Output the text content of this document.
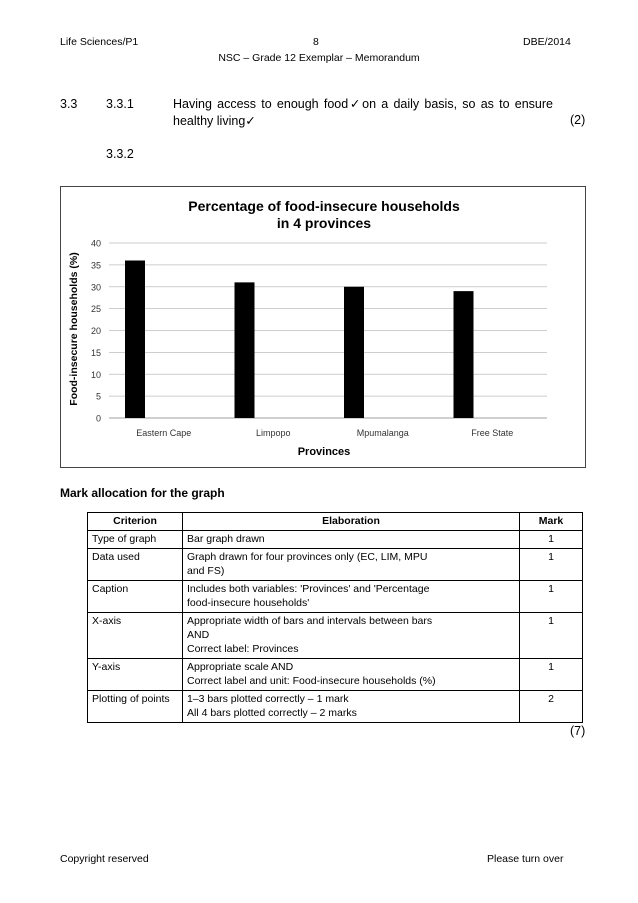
Life Sciences/P1	8	DBE/2014
NSC – Grade 12 Exemplar – Memorandum
3.3 3.3.1	Having access to enough food✓on a daily basis, so as to ensure
healthy living✓	(2)
3.3.2
Percentage of food-insecure households
in 4 provinces
Provinces
Food-insecure households (%)
0
5
10
15
20
25
30
35
40
Eastern Cape	Limpopo	Mpumalanga	Free State
Mark allocation for the graph
Criterion	Elaboration	Mark
Type of graph	Bar graph drawn	1
Data used	Graph drawn for four provinces only (EC, LIM, MPU
and FS)	1
Caption	Includes both variables: 'Provinces' and 'Percentage
food-insecure households'	1
X-axis	Appropriate width of bars and intervals between bars
AND
Correct label: Provinces	1
Y-axis	Appropriate scale AND
Correct label and unit: Food-insecure households (%)	1
Plotting of points	1–3 bars plotted correctly – 1 mark
All 4 bars plotted correctly – 2 marks	2
(7)
Copyright reserved	Please turn over
